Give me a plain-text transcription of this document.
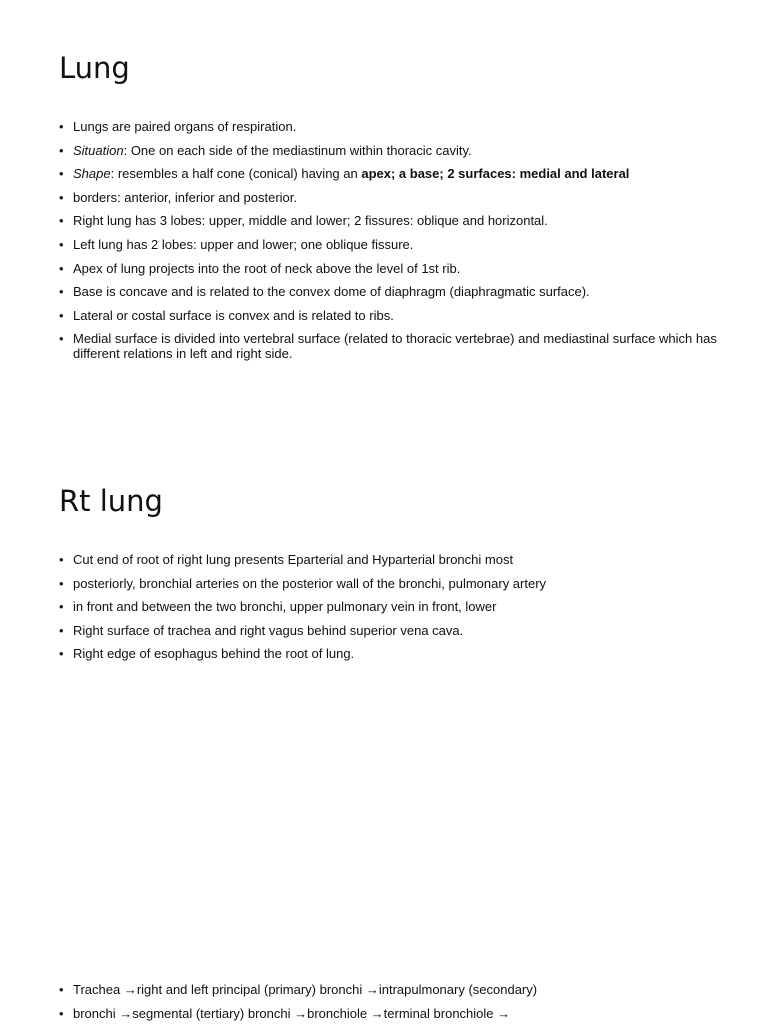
Lung
• Lungs are paired organs of respiration.
• Situation: One on each side of the mediastinum within thoracic cavity.
• Shape: resembles a half cone (conical) having an apex; a base; 2 surfaces: medial and lateral
• borders: anterior, inferior and posterior.
• Right lung has 3 lobes: upper, middle and lower; 2 fissures: oblique and horizontal.
• Left lung has 2 lobes: upper and lower; one oblique fissure.
• Apex of lung projects into the root of neck above the level of 1st rib.
• Base is concave and is related to the convex dome of diaphragm (diaphragmatic surface).
• Lateral or costal surface is convex and is related to ribs.
• Medial surface is divided into vertebral surface (related to thoracic vertebrae) and mediastinal surface which has different relations in left and right side.
Rt lung
• Cut end of root of right lung presents Eparterial and Hyparterial bronchi most
• posteriorly, bronchial arteries on the posterior wall of the bronchi, pulmonary artery
• in front and between the two bronchi, upper pulmonary vein in front, lower
• Right surface of trachea and right vagus behind superior vena cava.
• Right edge of esophagus behind the root of lung.
• Trachea →right and left principal (primary) bronchi →intrapulmonary (secondary)
• bronchi →segmental (tertiary) bronchi →bronchiole →terminal bronchiole →
